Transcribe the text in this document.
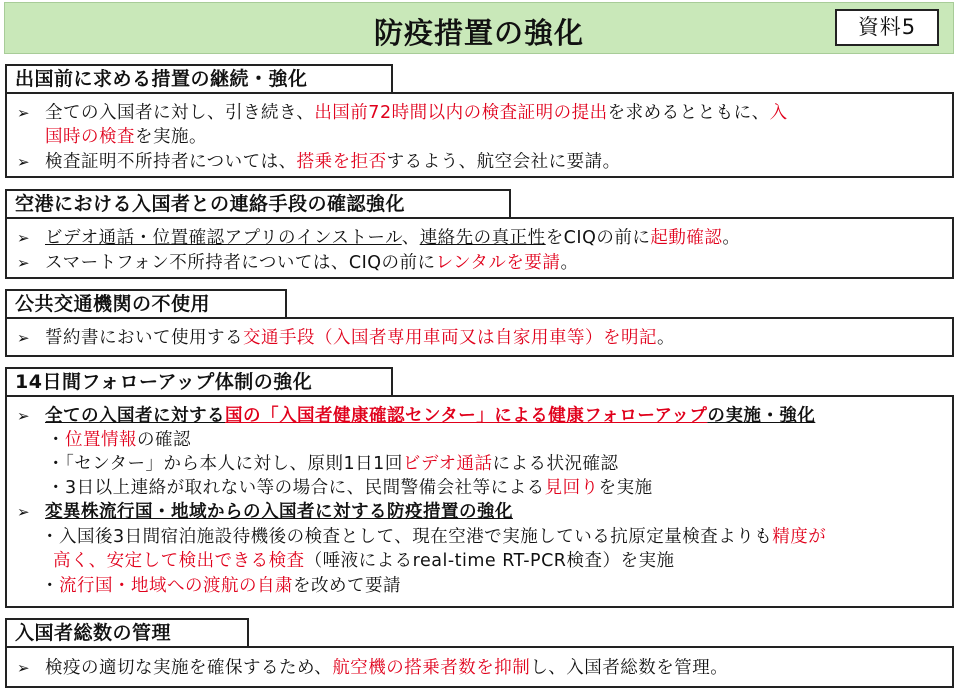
防疫措置の強化	資料5
出国前に求める措置の継続・強化
➢ 全ての入国者に対し、引き続き、出国前72時間以内の検査証明の提出を求めるとともに、入
国時の検査を実施。
➢ 検査証明不所持者については、搭乗を拒否するよう、航空会社に要請。
空港における入国者との連絡手段の確認強化
➢ ビデオ通話・位置確認アプリのインストール、連絡先の真正性をCIQの前に起動確認。
➢ スマートフォン不所持者については、CIQの前にレンタルを要請。
公共交通機関の不使用
➢ 誓約書において使用する交通手段（入国者専用車両又は自家用車等）を明記。
14日間フォローアップ体制の強化
➢ 全ての入国者に対する国の「入国者健康確認センター」による健康フォローアップの実施・強化
・位置情報の確認
・「センター」から本人に対し、原則1日1回ビデオ通話による状況確認
・3日以上連絡が取れない等の場合に、民間警備会社等による見回りを実施
➢ 変異株流行国・地域からの入国者に対する防疫措置の強化
・入国後3日間宿泊施設待機後の検査として、現在空港で実施している抗原定量検査よりも精度が
高く、安定して検出できる検査（唾液によるreal-time RT-PCR検査）を実施
・流行国・地域への渡航の自粛を改めて要請
入国者総数の管理
➢ 検疫の適切な実施を確保するため、航空機の搭乗者数を抑制し、入国者総数を管理。
